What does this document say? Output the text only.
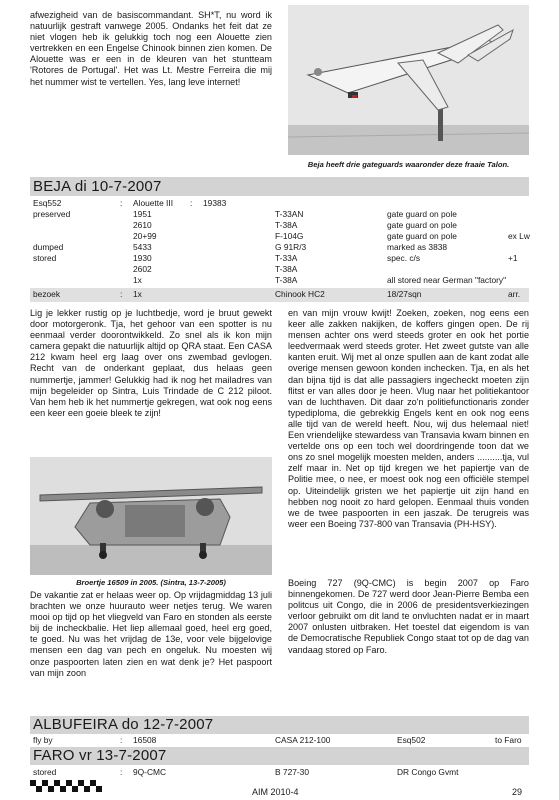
afwezigheid van de basiscommandant. SH*T, nu word ik natuurlijk gestraft vanwege 2005. Ondanks het feit dat ze niet vlogen heb ik gelukkig toch nog een Alouette zien vertrekken en een Engelse Chinook binnen zien komen. De Alouette was er een in de kleuren van het stuntteam 'Rotores de Portugal'. Het was Lt. Mestre Ferreira die mij het nummer wist te vertellen. Yes, lang leve internet!

Beja heeft drie gateguards waaronder deze fraaie Talon.
BEJA di 10-7-2007
Esq552	: Alouette III : 19383
preserved	1951	T-33AN	gate guard on pole
2610	T-38A	gate guard on pole
20+99	F-104G	gate guard on pole	ex Lw
dumped	5433	G 91R/3	marked as 3838
stored	1930	T-33A	spec. c/s	+1
2602	T-38A
1x	T-38A	all stored near German "factory"
bezoek	: 1x	Chinook HC2	18/27sqn	arr.

Lig je lekker rustig op je luchtbedje, word je bruut gewekt door motorgeronk. Tja, het gehoor van een spotter is nu eenmaal verder doorontwikkeld. Zo snel als ik kon mijn camera gepakt die natuurlijk altijd op QRA staat. Een CASA 212 kwam heel erg laag over ons zwembad gevlogen. Recht van de onderkant geplaat, dus helaas geen nummertje, jammer! Gelukkig had ik nog het mailadres van mijn begeleider op Sintra, Luis Trindade de C 212 piloot. Van hem heb ik het nummertje gekregen, wat ook nog eens een keer een goeie bleek te zijn!

Broertje 16509 in 2005. (Sintra, 13-7-2005)

De vakantie zat er helaas weer op. Op vrijdagmiddag 13 juli brachten we onze huurauto weer netjes terug. We waren mooi op tijd op het vliegveld van Faro en stonden als eerste bij de incheckbalie. Het liep allemaal goed, heel erg goed, te goed. Nu was het vrijdag de 13e, voor vele bijgelovige mensen een dag van pech en ongeluk. Nu moesten wij onze paspoorten laten zien en wat denk je? Het paspoort van mijn zoon

en van mijn vrouw kwijt! Zoeken, zoeken, nog eens een keer alle zakken nakijken, de koffers gingen open. De rij mensen achter ons werd steeds groter en ook het portie leedvermaak werd steeds groter. Het zweet gutste van alle kanten eruit. Wij met al onze spullen aan de kant zodat alle overige mensen gewoon konden inchecken. Tja, en als het dan bijna tijd is dat alle passagiers ingecheckt moeten zijn flitst er van alles door je heen. Vlug naar het politiekantoor van de luchthaven. Dit daar zo'n politiefunctionaris zonder typediploma, die gebrekkig Engels kent en ook nog eens alle tijd van de wereld heeft. Nou, wij dus helemaal niet! Een vriendelijke stewardess van Transavia kwam binnen en vertelde ons op een toch wel doordringende toon dat we ons zo snel mogelijk moesten melden, anders ..........tja, vul zelf maar in. Net op tijd kregen we het papiertje van de Politie mee, o nee, er moest ook nog een officiële stempel op. Uiteindelijk gristen we het papiertje uit zijn hand en hebben nog nooit zo hard gelopen. Eenmaal thuis vonden we de twee paspoorten in een jaszak. De terugreis was weer een Boeing 737-800 van Transavia (PH-HSY).

Boeing 727 (9Q-CMC) is begin 2007 op Faro binnengekomen. De 727 werd door Jean-Pierre Bemba een politcus uit Congo, die in 2006 de presidentsverkiezingen verloor gebruikt om dit land te onvluchten nadat er in maart 2007 onlusten uitbraken. Het toestel dat eigendom is van de Democratische Republiek Congo staat tot op de dag van vandaag stored op Faro.

ALBUFEIRA do 12-7-2007
fly by	: 16508	CASA 212-100	Esq502	to Faro
FARO vr 13-7-2007
stored	: 9Q-CMC	B 727-30	DR Congo Gvmt
AIM 2010-4	29
